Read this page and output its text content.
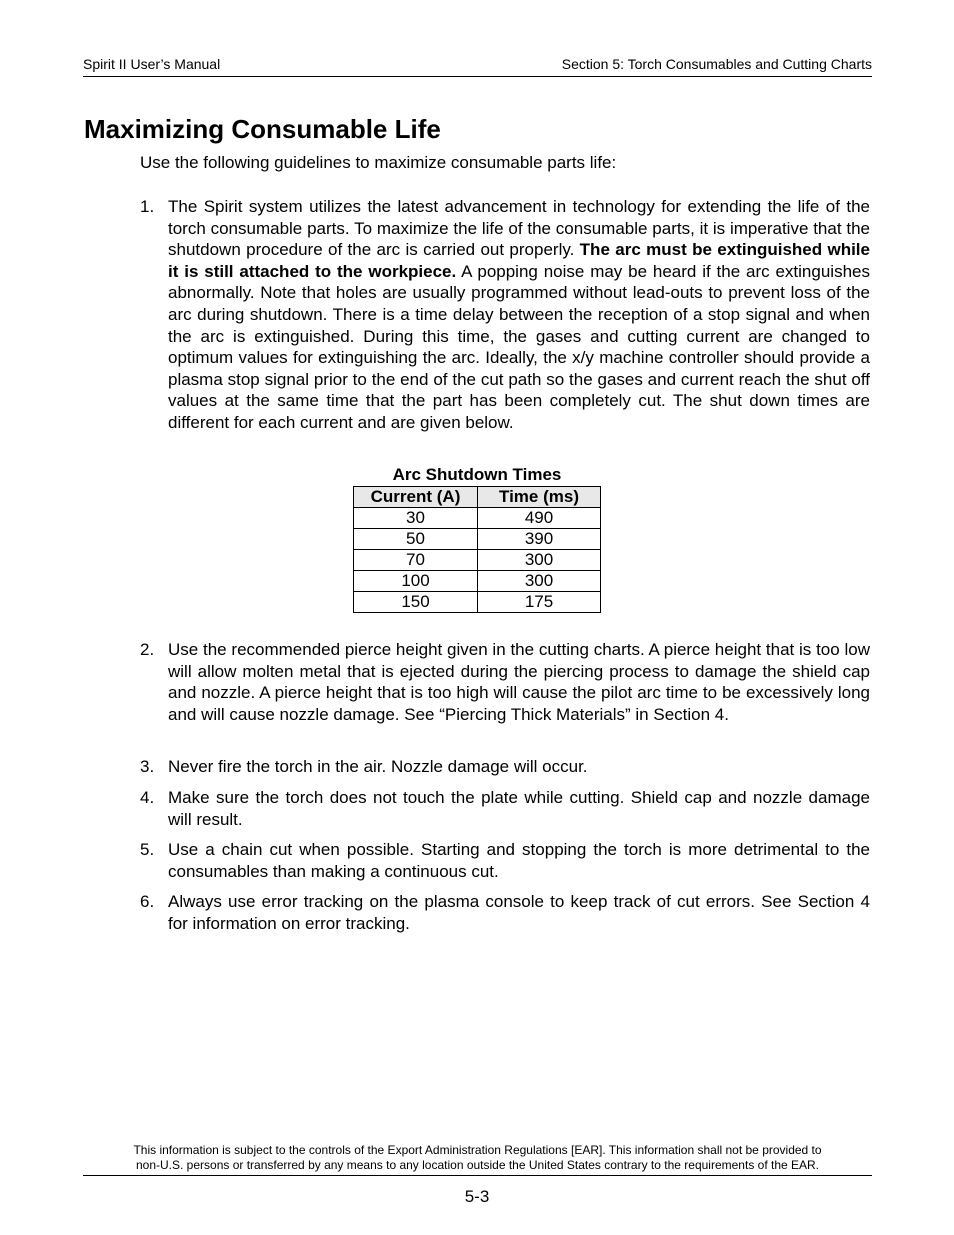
Spirit II User’s Manual	Section 5: Torch Consumables and Cutting Charts
Maximizing Consumable Life
Use the following guidelines to maximize consumable parts life:
1. The Spirit system utilizes the latest advancement in technology for extending the life of the torch consumable parts. To maximize the life of the consumable parts, it is imperative that the shutdown procedure of the arc is carried out properly. The arc must be extinguished while it is still attached to the workpiece. A popping noise may be heard if the arc extinguishes abnormally. Note that holes are usually programmed without lead-outs to prevent loss of the arc during shutdown. There is a time delay between the reception of a stop signal and when the arc is extinguished. During this time, the gases and cutting current are changed to optimum values for extinguishing the arc. Ideally, the x/y machine controller should provide a plasma stop signal prior to the end of the cut path so the gases and current reach the shut off values at the same time that the part has been completely cut. The shut down times are different for each current and are given below.
Arc Shutdown Times
Current (A)	Time (ms)
30	490
50	390
70	300
100	300
150	175
2. Use the recommended pierce height given in the cutting charts. A pierce height that is too low will allow molten metal that is ejected during the piercing process to damage the shield cap and nozzle. A pierce height that is too high will cause the pilot arc time to be excessively long and will cause nozzle damage. See “Piercing Thick Materials” in Section 4.
3. Never fire the torch in the air. Nozzle damage will occur.
4. Make sure the torch does not touch the plate while cutting. Shield cap and nozzle damage will result.
5. Use a chain cut when possible. Starting and stopping the torch is more detrimental to the consumables than making a continuous cut.
6. Always use error tracking on the plasma console to keep track of cut errors. See Section 4 for information on error tracking.
This information is subject to the controls of the Export Administration Regulations [EAR]. This information shall not be provided to
non-U.S. persons or transferred by any means to any location outside the United States contrary to the requirements of the EAR.
5-3
